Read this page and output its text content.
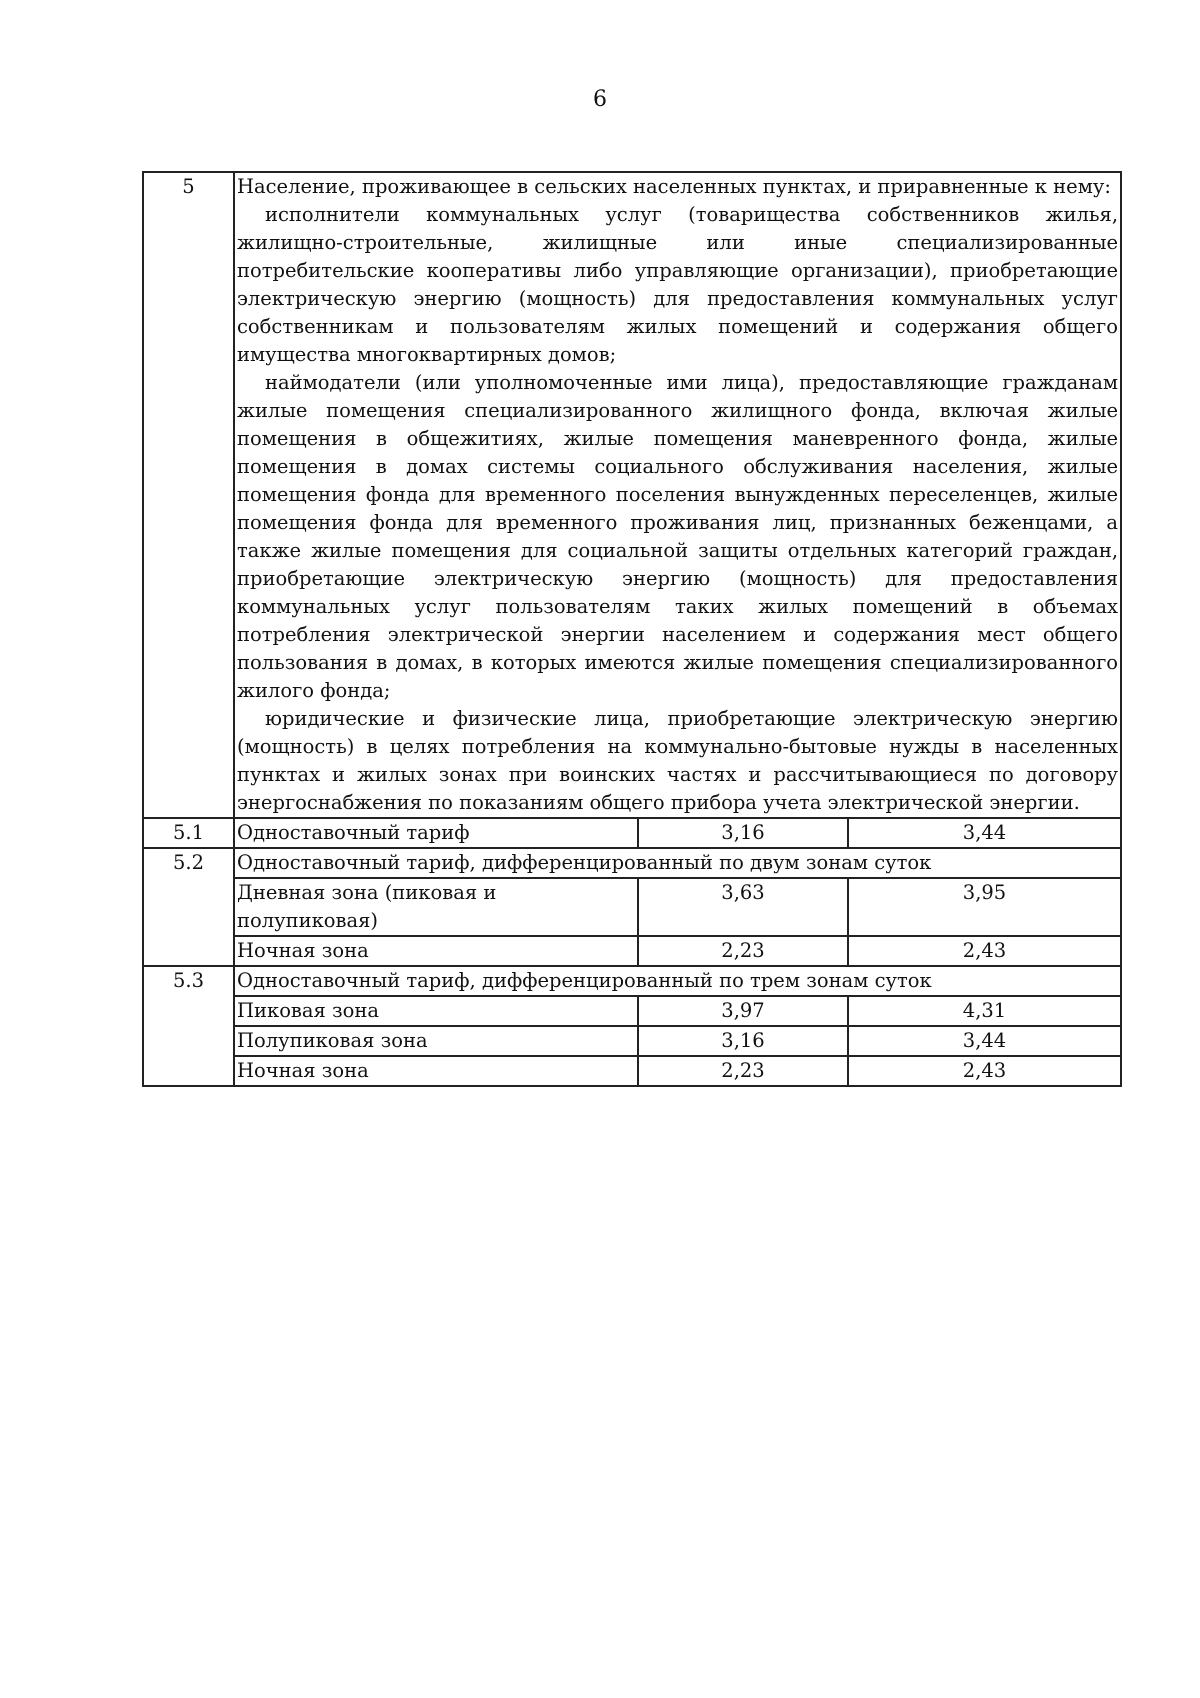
6
5	Население, проживающее в сельских населенных пунктах, и приравненные к нему:
исполнители коммунальных услуг (товарищества собственников жилья, жилищно-строительные, жилищные или иные специализированные потребительские кооперативы либо управляющие организации), приобретающие электрическую энергию (мощность) для предоставления коммунальных услуг собственникам и пользователям жилых помещений и содержания общего имущества многоквартирных домов;
наймодатели (или уполномоченные ими лица), предоставляющие гражданам жилые помещения специализированного жилищного фонда, включая жилые помещения в общежитиях, жилые помещения маневренного фонда, жилые помещения в домах системы социального обслуживания населения, жилые помещения фонда для временного поселения вынужденных переселенцев, жилые помещения фонда для временного проживания лиц, признанных беженцами, а также жилые помещения для социальной защиты отдельных категорий граждан, приобретающие электрическую энергию (мощность) для предоставления коммунальных услуг пользователям таких жилых помещений в объемах потребления электрической энергии населением и содержания мест общего пользования в домах, в которых имеются жилые помещения специализированного жилого фонда;
юридические и физические лица, приобретающие электрическую энергию (мощность) в целях потребления на коммунально-бытовые нужды в населенных пунктах и жилых зонах при воинских частях и рассчитывающиеся по договору энергоснабжения по показаниям общего прибора учета электрической энергии.		

5.1	Одноставочный тариф	3,16	3,44
5.2	Одноставочный тариф, дифференцированный по двум зонам суток		
	Дневная зона (пиковая и полупиковая)	3,63	3,95
	Ночная зона	2,23	2,43
5.3	Одноставочный тариф, дифференцированный по трем зонам суток		
	Пиковая зона	3,97	4,31
	Полупиковая зона	3,16	3,44
	Ночная зона	2,23	2,43
